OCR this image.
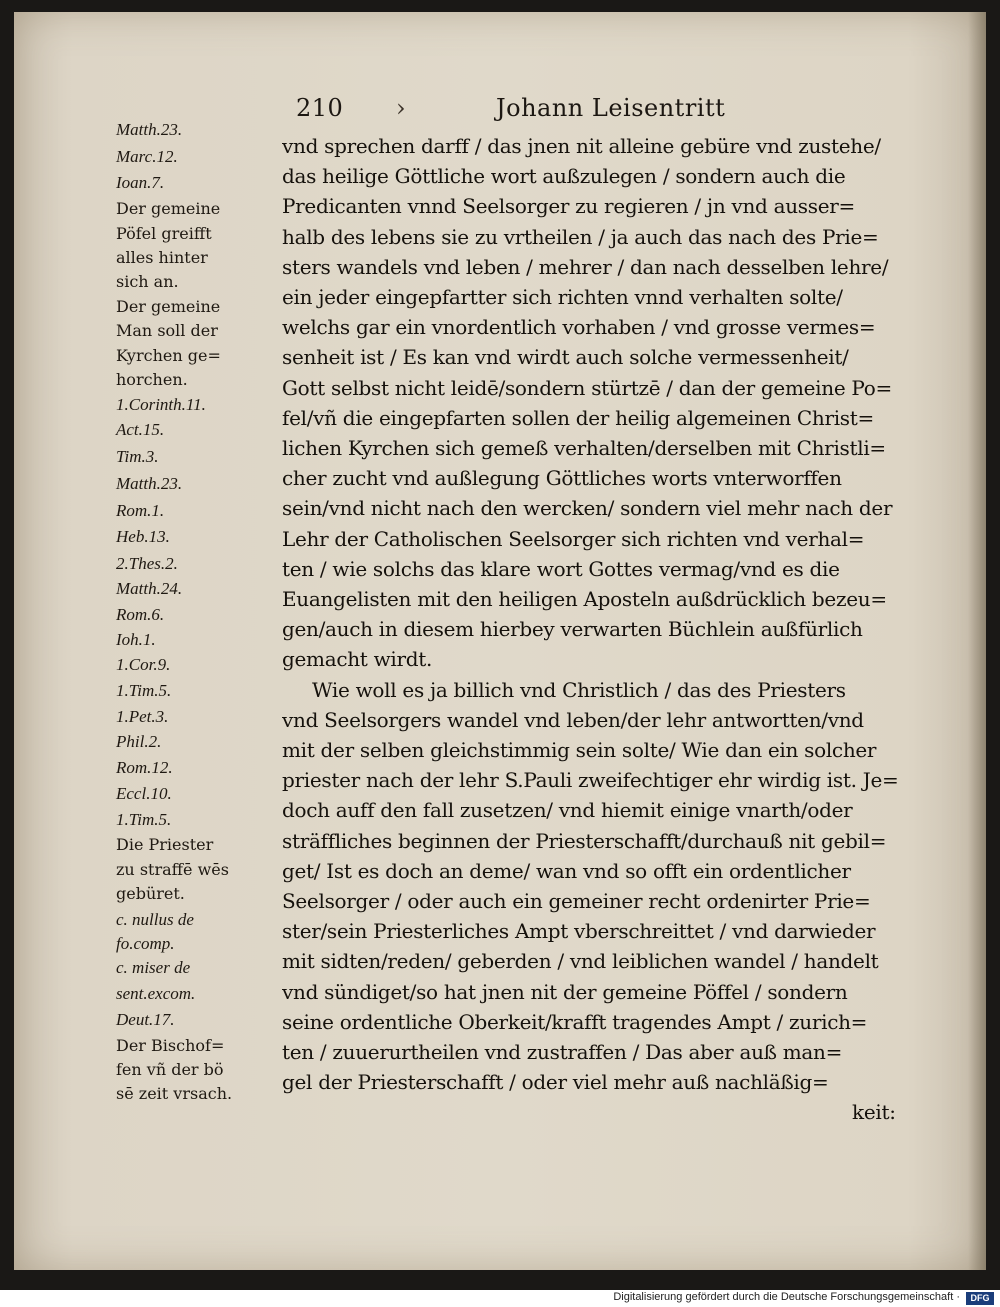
210 ›	Johann Leisentritt
Matth.23.
Marc.12.
Ioan.7.
Der gemeine
Pöfel greifft
alles hinter
sich an.
Der gemeine
Man soll der
Kyrchen ge=
horchen.
1.Corinth.11.
Act.15.
Tim.3.
Matth.23.
Rom.1.
Heb.13.
2.Thes.2.
Matth.24.
Rom.6.
Ioh.1.
1.Cor.9.
1.Tim.5.
1.Pet.3.
Phil.2.
Rom.12.
Eccl.10.
1.Tim.5.
Die Priester
zu straffē wēs
gebüret.
c. nullus de
fo.comp.
c. miser de
sent.excom.
Deut.17.
Der Bischof=
fen vñ der bö
sē zeit vrsach.
vnd sprechen darff / das jnen nit alleine gebüre vnd zustehe/
das heilige Göttliche wort außzulegen / sondern auch die
Predicanten vnnd Seelsorger zu regieren / jn vnd ausser=
halb des lebens sie zu vrtheilen / ja auch das nach des Prie=
sters wandels vnd leben / mehrer / dan nach desselben lehre/
ein jeder eingepfartter sich richten vnnd verhalten solte/
welchs gar ein vnordentlich vorhaben / vnd grosse vermes=
senheit ist / Es kan vnd wirdt auch solche vermessenheit/
Gott selbst nicht leidē/sondern stürtzē / dan der gemeine Po=
fel/vñ die eingepfarten sollen der heilig algemeinen Christ=
lichen Kyrchen sich gemeß verhalten/derselben mit Christli=
cher zucht vnd außlegung Göttliches worts vnterworffen
sein/vnd nicht nach den wercken/ sondern viel mehr nach der
Lehr der Catholischen Seelsorger sich richten vnd verhal=
ten / wie solchs das klare wort Gottes vermag/vnd es die
Euangelisten mit den heiligen Aposteln außdrücklich bezeu=
gen/auch in diesem hierbey verwarten Büchlein außfürlich
gemacht wirdt.
Wie woll es ja billich vnd Christlich / das des Priesters
vnd Seelsorgers wandel vnd leben/der lehr antwortten/vnd
mit der selben gleichstimmig sein solte/ Wie dan ein solcher
priester nach der lehr S.Pauli zweifechtiger ehr wirdig ist. Je=
doch auff den fall zusetzen/ vnd hiemit einige vnarth/oder
sträffliches beginnen der Priesterschafft/durchauß nit gebil=
get/ Ist es doch an deme/ wan vnd so offt ein ordentlicher
Seelsorger / oder auch ein gemeiner recht ordenirter Prie=
ster/sein Priesterliches Ampt vberschreittet / vnd darwieder
mit sidten/reden/ geberden / vnd leiblichen wandel / handelt
vnd sündiget/so hat jnen nit der gemeine Pöffel / sondern
seine ordentliche Oberkeit/krafft tragendes Ampt / zurich=
ten / zuuerurtheilen vnd zustraffen / Das aber auß man=
gel der Priesterschafft / oder viel mehr auß nachläßig=
keit:
Digitalisierung gefördert durch die Deutsche Forschungsgemeinschaft ·	DFG
